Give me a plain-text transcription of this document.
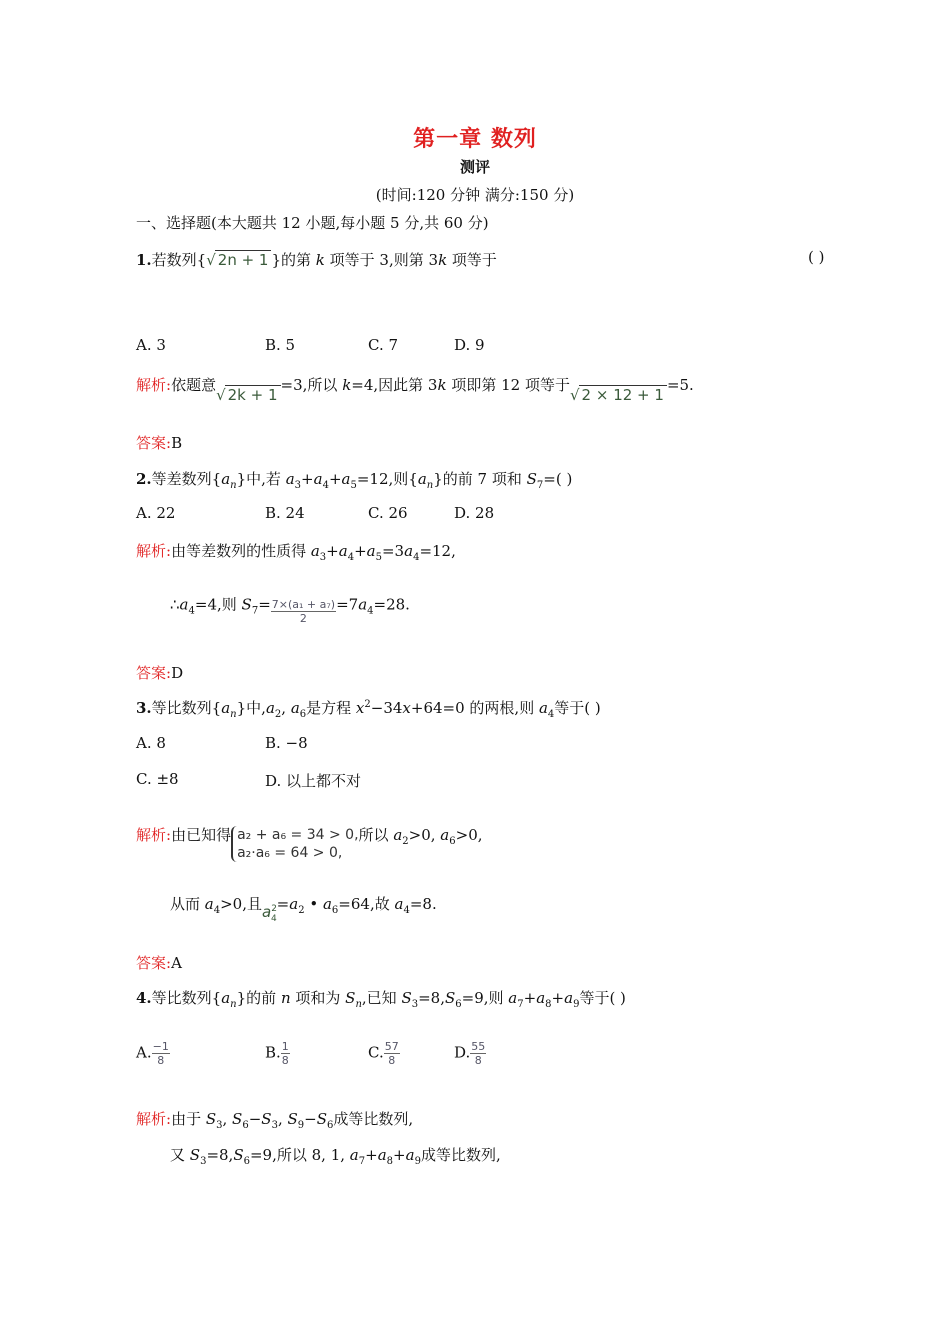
第一章 数列
测评
(时间:120 分钟 满分:150 分)
一、选择题(本大题共 12 小题,每小题 5 分,共 60 分)
1.若数列{√ 2n + 1 }的第 k 项等于 3,则第 3k 项等于	( )
A. 3	B. 5	C. 7	D. 9
解析:依题意√ 2k + 1=3,所以 k=4,因此第 3k 项即第 12 项等于√ 2 × 12 + 1=5.
答案:B
2.等差数列$\{a_n\}$中,若 $a_3+a_4+a_5=12$,则$\{a_n\}$的前 7 项和 $S_7=$( )
A. 22	B. 24	C. 26	D. 28
解析:由等差数列的性质得 $a_3+a_4+a_5=3a_4=12$,
$\therefore a_4=4$,则 $S_7= \frac{\text{7×(a₁ + a₇)}}{2} =7a_4=28$.
答案:D
3.等比数列$\{a_n\}$中$,a_2$, $a_6$是方程 $x^2-34x+64=0$ 的两根,则 $a_4$等于( )
A. 8	B. −8
C. ±8	D. 以上都不对
解析:由已知得 a₂ + a₆ = 34 > 0,
a₂·a₆ = 64 > 0,
所以 $a_2>0$, $a_6>0$,
从而 $a_4>0$,且$a^2_4=a_2$ • $a_6=64$,故 $a_4=8$.
答案:A
4.等比数列$\{a_n\}$的前 n 项和为 $S_n$,已知 $S_3=8,S_6=9$,则 $a_7+a_8+a_9$等于( )
A. $\frac{-1}{8}$	B. $\frac{1}{8}$	C. $\frac{57}{8}$	D. $\frac{55}{8}$
解析:由于 $S_3$, $S_6-S_3$, $S_9-S_6$成等比数列,
又 $S_3=8,S_6=9$,所以 8, 1, $a_7+a_8+a_9$成等比数列,
